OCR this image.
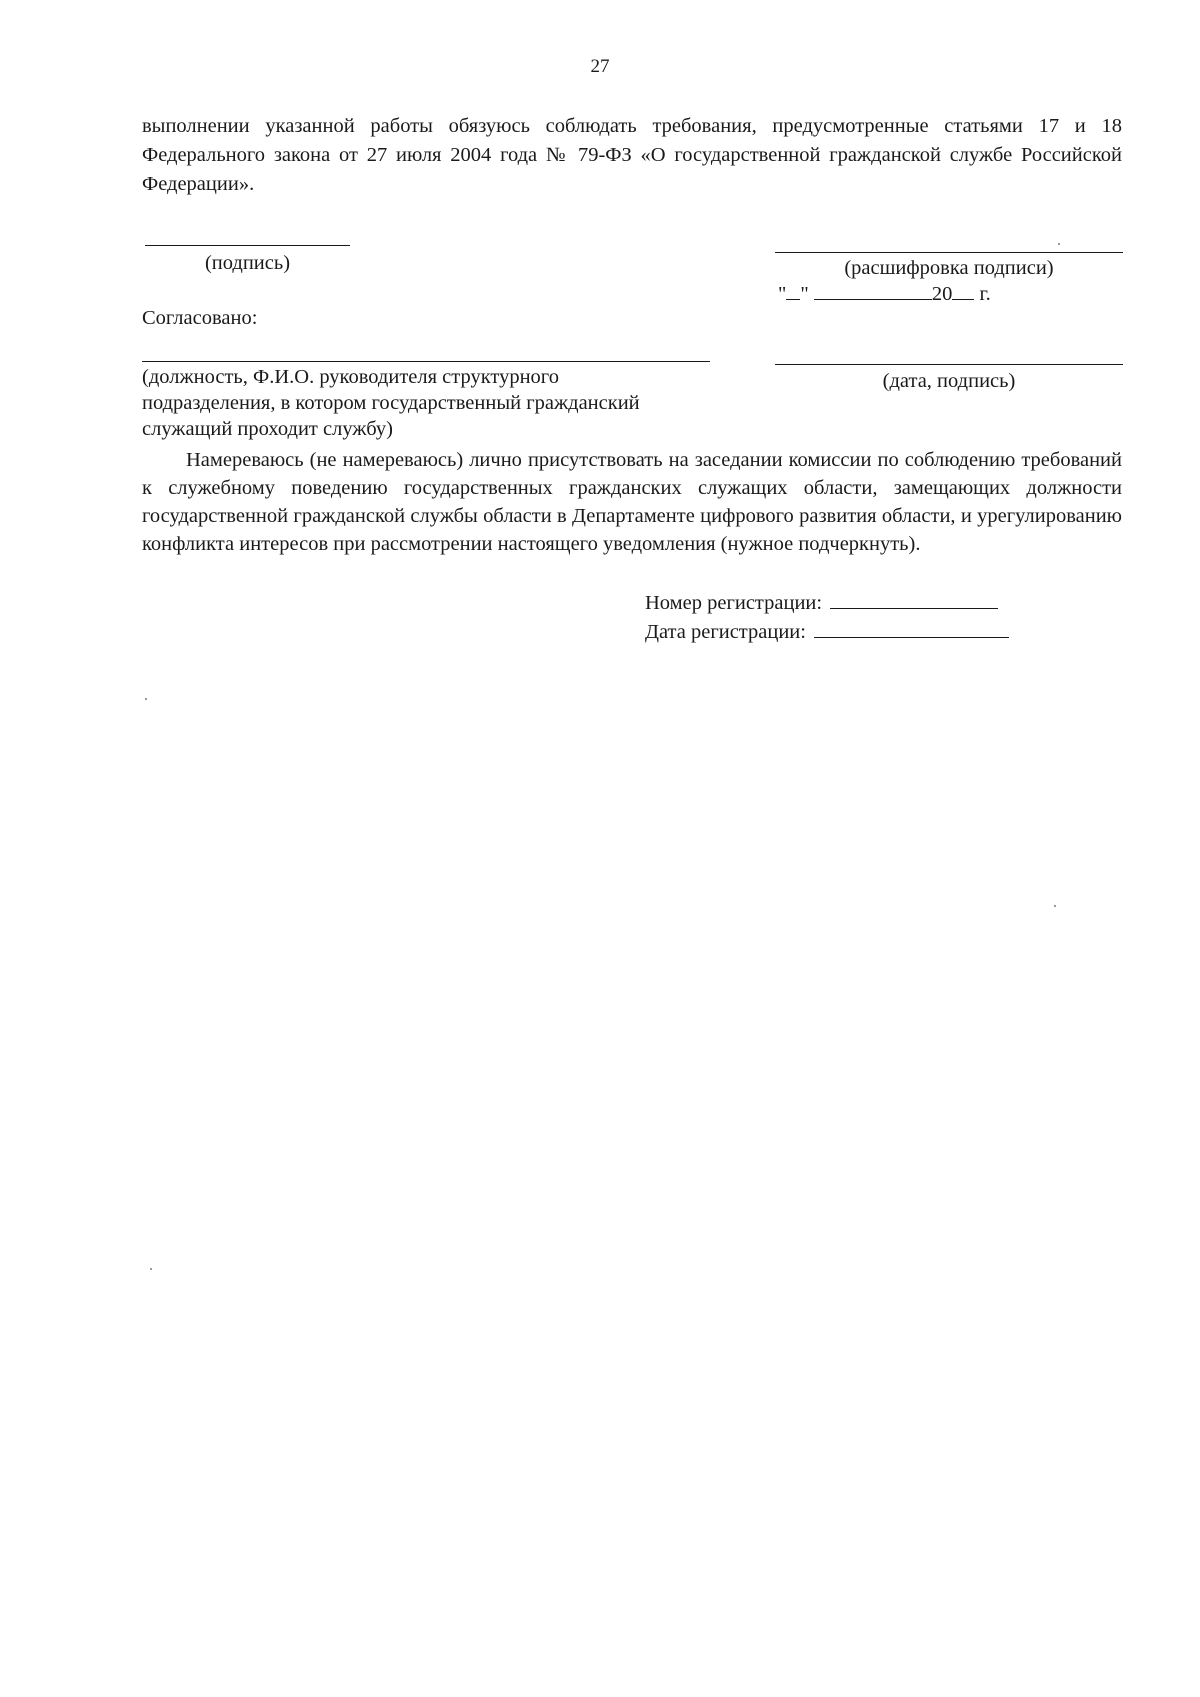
27

выполнении указанной работы обязуюсь соблюдать требования, предусмотренные статьями 17 и 18 Федерального закона от 27 июля 2004 года № 79-ФЗ «О государственной гражданской службе Российской Федерации».

(подпись)	(расшифровка подписи)
" "	20 г.
Согласовано:
(должность, Ф.И.О. руководителя структурного подразделения, в котором государственный гражданский служащий проходит службу)
(дата, подпись)

Намереваюсь (не намереваюсь) лично присутствовать на заседании комиссии по соблюдению требований к служебному поведению государственных гражданских служащих области, замещающих должности государственной гражданской службы области в Департаменте цифрового развития области, и урегулированию конфликта интересов при рассмотрении настоящего уведомления (нужное подчеркнуть).

Номер регистрации:
Дата регистрации:
